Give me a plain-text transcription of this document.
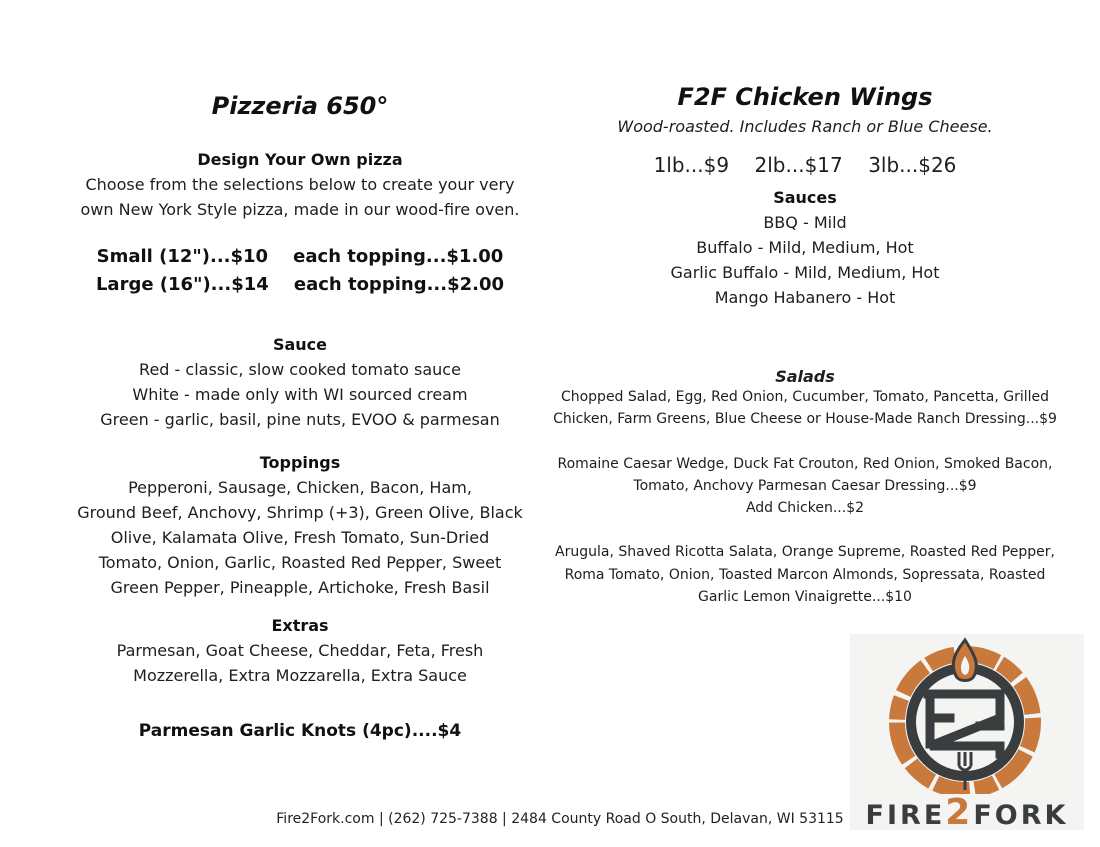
Pizzeria 650°
Design Your Own pizza
Choose from the selections below to create your very
own New York Style pizza, made in our wood-fire oven.
Small (12")...$10 each topping...$1.00
Large (16")...$14 each topping...$2.00
Sauce
Red - classic, slow cooked tomato sauce
White - made only with WI sourced cream
Green - garlic, basil, pine nuts, EVOO & parmesan
Toppings
Pepperoni, Sausage, Chicken, Bacon, Ham,
Ground Beef, Anchovy, Shrimp (+3), Green Olive, Black
Olive, Kalamata Olive, Fresh Tomato, Sun-Dried
Tomato, Onion, Garlic, Roasted Red Pepper, Sweet
Green Pepper, Pineapple, Artichoke, Fresh Basil
Extras
Parmesan, Goat Cheese, Cheddar, Feta, Fresh
Mozzerella, Extra Mozzarella, Extra Sauce
Parmesan Garlic Knots (4pc)....$4
F2F Chicken Wings
Wood-roasted. Includes Ranch or Blue Cheese.
1lb...$9 2lb...$17 3lb...$26
Sauces
BBQ - Mild
Buffalo - Mild, Medium, Hot
Garlic Buffalo - Mild, Medium, Hot
Mango Habanero - Hot
Salads
Chopped Salad, Egg, Red Onion, Cucumber, Tomato, Pancetta, Grilled
Chicken, Farm Greens, Blue Cheese or House-Made Ranch Dressing...$9
Romaine Caesar Wedge, Duck Fat Crouton, Red Onion, Smoked Bacon,
Tomato, Anchovy Parmesan Caesar Dressing...$9
Add Chicken...$2
Arugula, Shaved Ricotta Salata, Orange Supreme, Roasted Red Pepper,
Roma Tomato, Onion, Toasted Marcon Almonds, Sopressata, Roasted
Garlic Lemon Vinaigrette...$10
FIRE2FORK
Fire2Fork.com | (262) 725-7388 | 2484 County Road O South, Delavan, WI 53115
